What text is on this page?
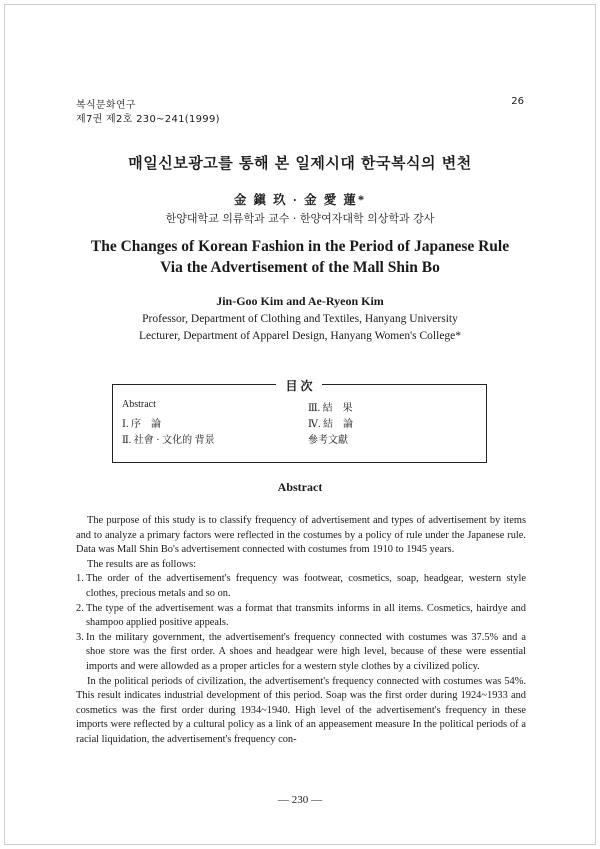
복식문화연구
제7권 제2호 230~241(1999)
26
매일신보광고를 통해 본 일제시대 한국복식의 변천
金 鎭 玖 · 金 愛 蓮*
한양대학교 의류학과 교수 · 한양여자대학 의상학과 강사
The Changes of Korean Fashion in the Period of Japanese Rule
Via the Advertisement of the Mall Shin Bo
Jin-Goo Kim and Ae-Ryeon Kim
Professor, Department of Clothing and Textiles, Hanyang University
Lecturer, Department of Apparel Design, Hanyang Women's College*
目 次
Abstract
Ⅰ. 序　論
Ⅱ. 社會 · 文化的 背景
Ⅲ. 結　果
Ⅳ. 結　論
參考文獻
Abstract

The purpose of this study is to classify frequency of advertisement and types of advertisement by items and to analyze a primary factors were reflected in the costumes by a policy of rule under the Japanese rule. Data was Mall Shin Bo's advertisement connected with costumes from 1910 to 1945 years.

The results are as follows:

1. The order of the advertisement's frequency was footwear, cosmetics, soap, headgear, western style clothes, precious metals and so on.
2. The type of the advertisement was a format that transmits informs in all items. Cosmetics, hairdye and shampoo applied positive appeals.
3. In the military government, the advertisement's frequency connected with costumes was 37.5% and a shoe store was the first order. A shoes and headgear were high level, because of these were essential imports and were allowded as a proper articles for a western style clothes by a civilized policy.

In the political periods of civilization, the advertisement's frequency connected with costumes was 54%. This result indicates industrial development of this period. Soap was the first order during 1924~1933 and cosmetics was the first order during 1934~1940. High level of the advertisement's frequency in these imports were reflected by a cultural policy as a link of an appeasement measure In the political periods of a racial liquidation, the advertisement's frequency con-

— 230 —
